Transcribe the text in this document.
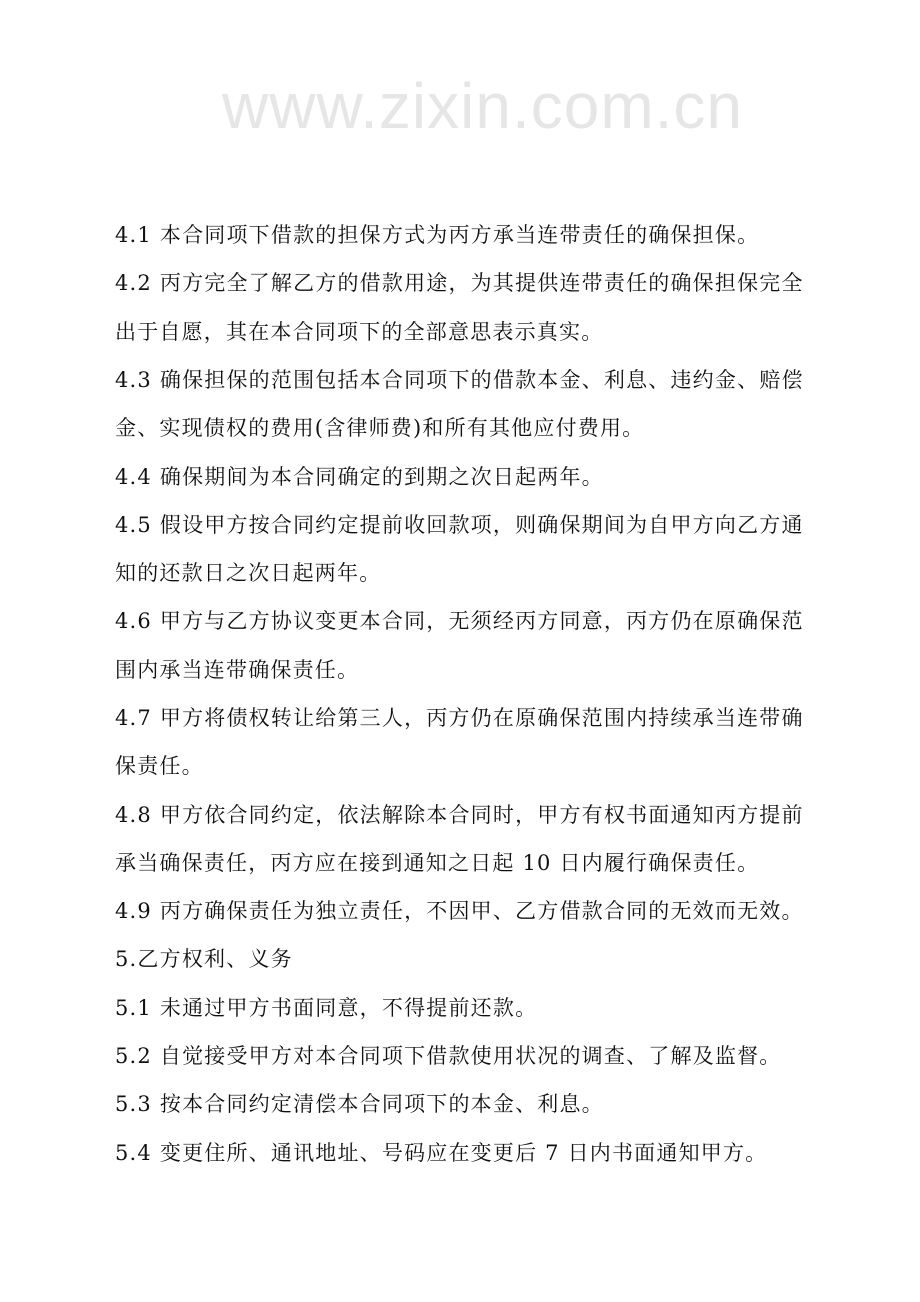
www.zixin.com.cn
4.1 本合同项下借款的担保方式为丙方承当连带责任的确保担保。
4.2 丙方完全了解乙方的借款用途，为其提供连带责任的确保担保完全
出于自愿，其在本合同项下的全部意思表示真实。
4.3 确保担保的范围包括本合同项下的借款本金、利息、违约金、赔偿
金、实现债权的费用(含律师费)和所有其他应付费用。
4.4 确保期间为本合同确定的到期之次日起两年。
4.5 假设甲方按合同约定提前收回款项，则确保期间为自甲方向乙方通
知的还款日之次日起两年。
4.6 甲方与乙方协议变更本合同，无须经丙方同意，丙方仍在原确保范
围内承当连带确保责任。
4.7 甲方将债权转让给第三人，丙方仍在原确保范围内持续承当连带确
保责任。
4.8 甲方依合同约定，依法解除本合同时，甲方有权书面通知丙方提前
承当确保责任，丙方应在接到通知之日起 10 日内履行确保责任。
4.9 丙方确保责任为独立责任，不因甲、乙方借款合同的无效而无效。
5.乙方权利、义务
5.1 未通过甲方书面同意，不得提前还款。
5.2 自觉接受甲方对本合同项下借款使用状况的调查、了解及监督。
5.3 按本合同约定清偿本合同项下的本金、利息。
5.4 变更住所、通讯地址、号码应在变更后 7 日内书面通知甲方。
